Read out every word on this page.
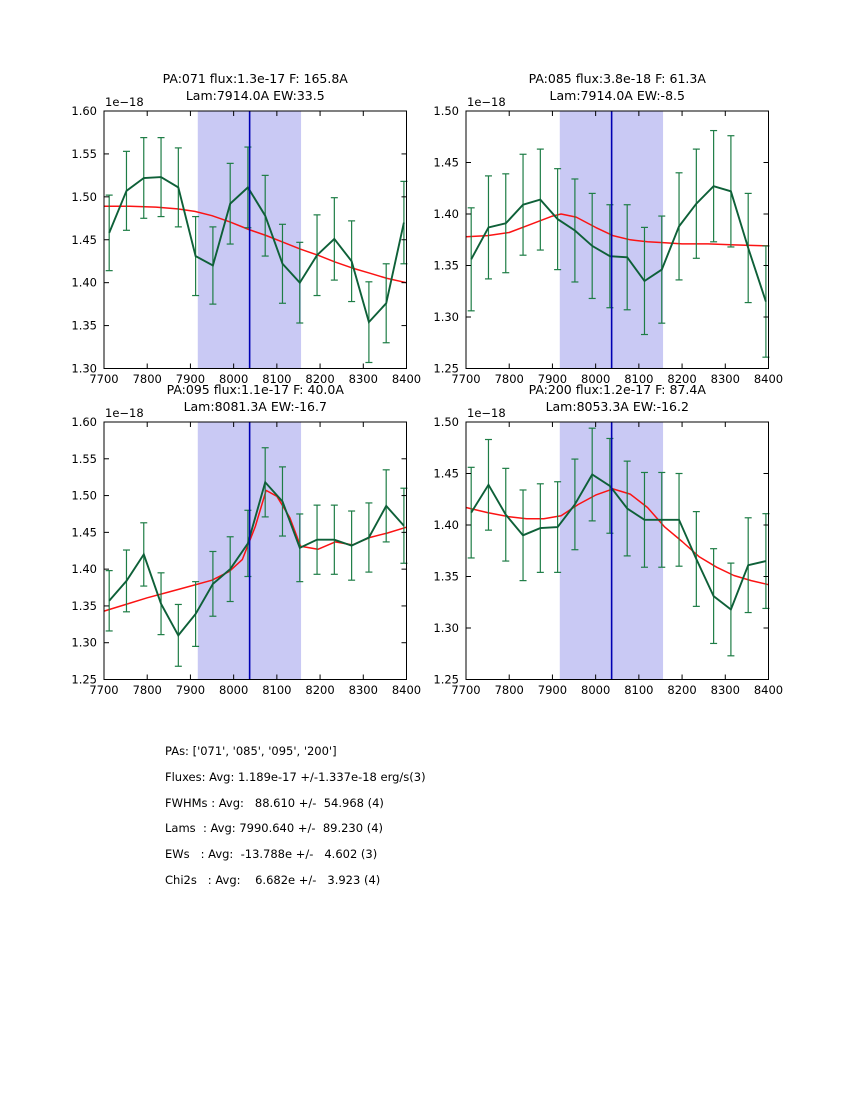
PA:071 flux:1.3e-17 F: 165.8A
Lam:7914.0A EW:33.5
1e−18
7700 7800 7900 8000 8100 8200 8300 8400
1.30
1.35
1.40
1.45
1.50
1.55
1.60
PA:085 flux:3.8e-18 F: 61.3A
Lam:7914.0A EW:-8.5
1e−18
7700 7800 7900 8000 8100 8200 8300 8400
1.25
1.30
1.35
1.40
1.45
1.50
PA:095 flux:1.1e-17 F: 40.0A
Lam:8081.3A EW:-16.7
1e−18
7700 7800 7900 8000 8100 8200 8300 8400
1.25
1.30
1.35
1.40
1.45
1.50
1.55
1.60
PA:200 flux:1.2e-17 F: 87.4A
Lam:8053.3A EW:-16.2
1e−18
7700 7800 7900 8000 8100 8200 8300 8400
1.25
1.30
1.35
1.40
1.45
1.50
PAs: ['071', '085', '095', '200']
Fluxes: Avg: 1.189e-17 +/-1.337e-18 erg/s(3)
FWHMs : Avg:   88.610 +/-  54.968 (4)
Lams  : Avg: 7990.640 +/-  89.230 (4)
EWs   : Avg:  -13.788e +/-   4.602 (3)
Chi2s   : Avg:    6.682e +/-   3.923 (4)
